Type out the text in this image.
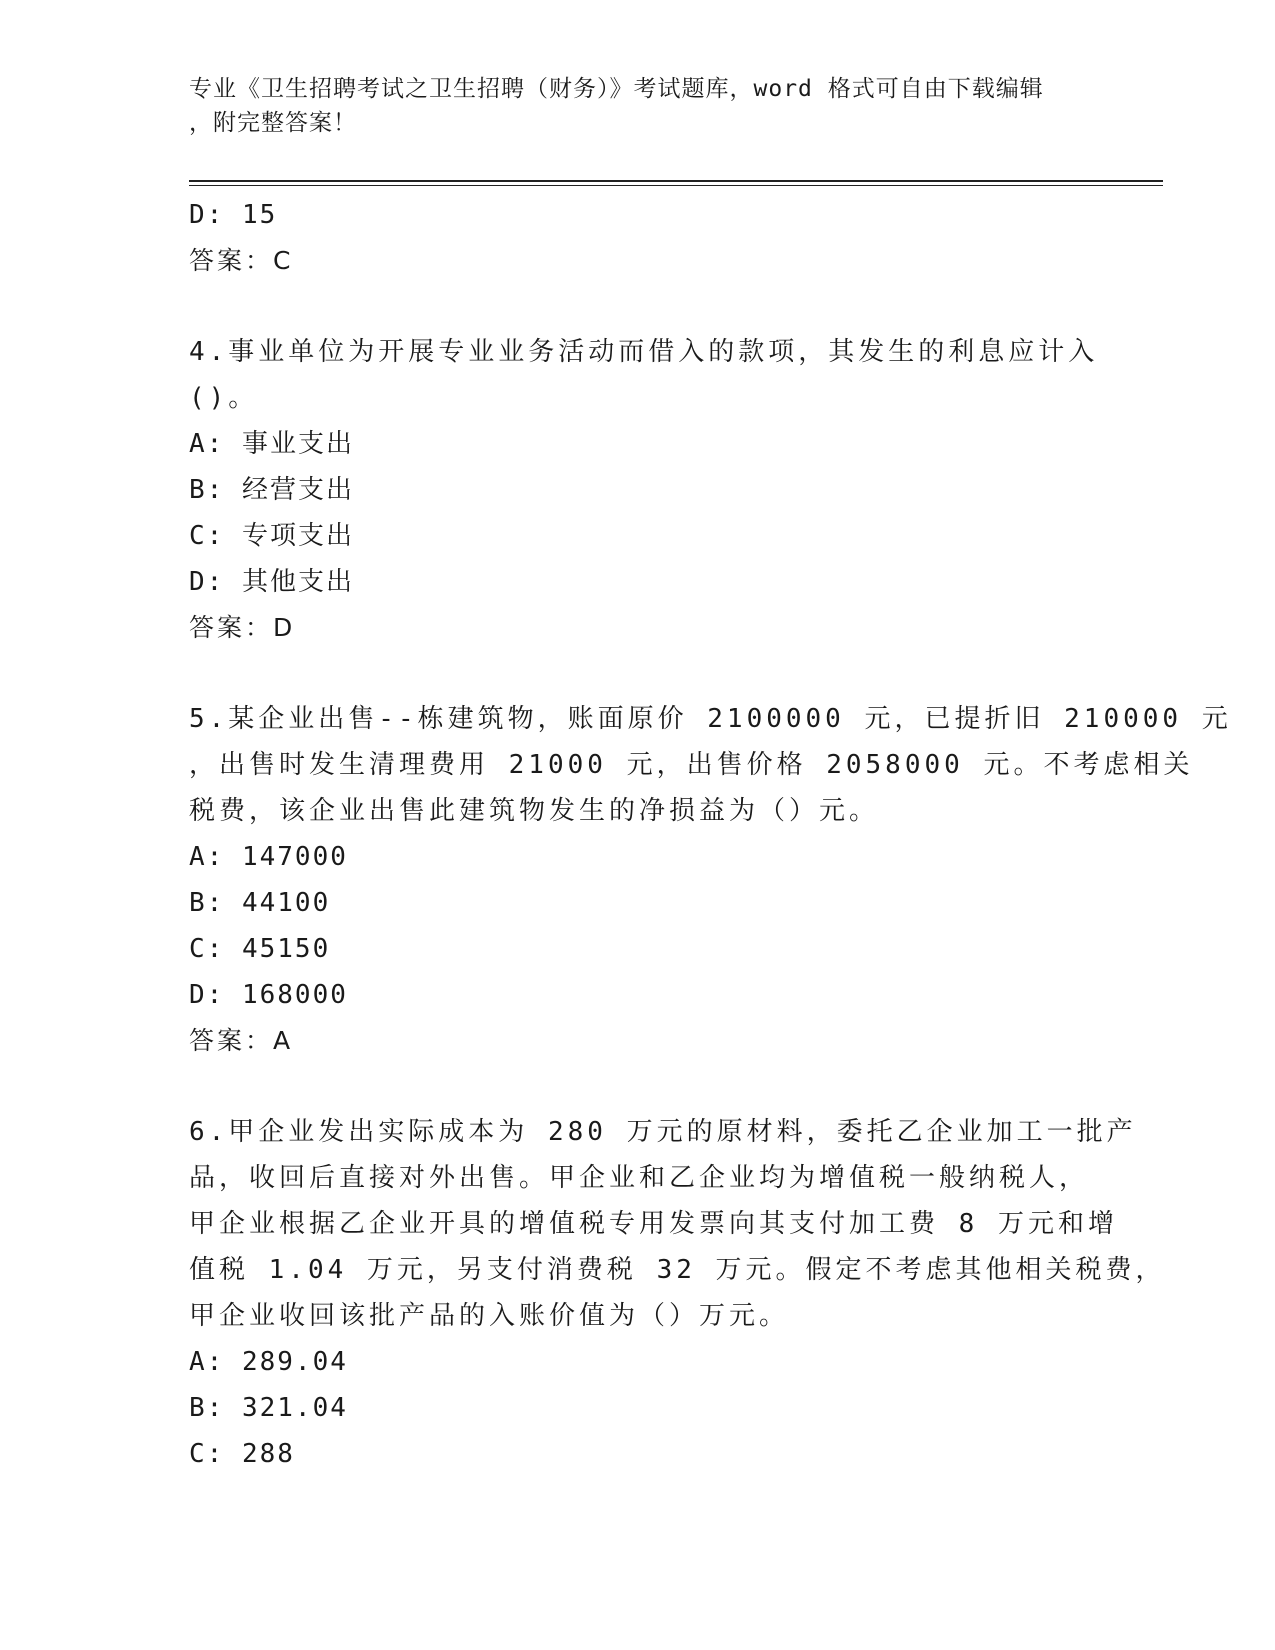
专业《卫生招聘考试之卫生招聘（财务）》考试题库，word 格式可自由下载编辑
，附完整答案！
D: 15
答案：C
4.事业单位为开展专业业务活动而借入的款项，其发生的利息应计入
()。
A: 事业支出
B: 经营支出
C: 专项支出
D: 其他支出
答案：D
5.某企业出售--栋建筑物，账面原价 2100000 元，已提折旧 210000 元
，出售时发生清理费用 21000 元，出售价格 2058000 元。不考虑相关
税费，该企业出售此建筑物发生的净损益为（）元。
A: 147000
B: 44100
C: 45150
D: 168000
答案：A
6.甲企业发出实际成本为 280 万元的原材料，委托乙企业加工一批产
品，收回后直接对外出售。甲企业和乙企业均为增值税一般纳税人，
甲企业根据乙企业开具的增值税专用发票向其支付加工费 8 万元和增
值税 1.04 万元，另支付消费税 32 万元。假定不考虑其他相关税费，
甲企业收回该批产品的入账价值为（）万元。
A: 289.04
B: 321.04
C: 288
